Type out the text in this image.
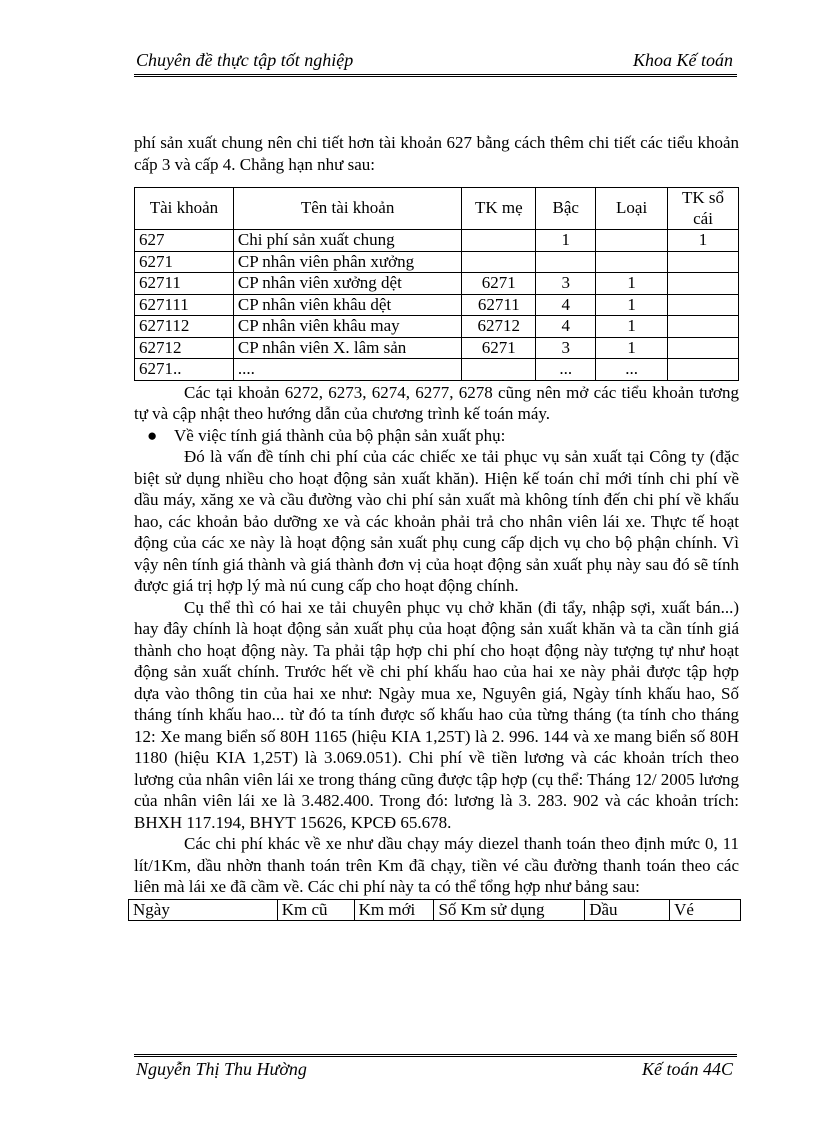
Chuyên đề thực tập tốt nghiệp	Khoa Kế toán

phí sản xuất chung nên chi tiết hơn tài khoản 627 bằng cách thêm chi tiết các tiểu khoản cấp 3 và cấp 4. Chẳng hạn như sau:

Tài khoản	Tên tài khoản	TK mẹ	Bậc	Loại	TK sổ cái
627	Chi phí sản xuất chung		1		1
6271	CP nhân viên phân xưởng				
62711	CP nhân viên xưởng dệt	6271	3	1	
627111	CP nhân viên khâu dệt	62711	4	1	
627112	CP nhân viên khâu may	62712	4	1	
62712	CP nhân viên X. lâm sản	6271	3	1	
6271..	....		...	...	

Các tại khoản 6272, 6273, 6274, 6277, 6278 cũng nên mở các tiểu khoản tương tự và cập nhật theo hướng dẫn của chương trình kế toán máy.

● Về việc tính giá thành của bộ phận sản xuất phụ:

Đó là vấn đề tính chi phí của các chiếc xe tải phục vụ sản xuất tại Công ty (đặc biệt sử dụng nhiều cho hoạt động sản xuất khăn). Hiện kế toán chỉ mới tính chi phí về dầu máy, xăng xe và cầu đường vào chi phí sản xuất mà không tính đến chi phí về khấu hao, các khoản bảo dưỡng xe và các khoản phải trả cho nhân viên lái xe. Thực tế hoạt động của các xe này là hoạt động sản xuất phụ cung cấp dịch vụ cho bộ phận chính. Vì vậy nên tính giá thành và giá thành đơn vị của hoạt động sản xuất phụ này sau đó sẽ tính được giá trị hợp lý mà nú cung cấp cho hoạt động chính.

Cụ thể thì có hai xe tải chuyên phục vụ chở khăn (đi tẩy, nhập sợi, xuất bán...) hay đây chính là hoạt động sản xuất phụ của hoạt động sản xuất khăn và ta cần tính giá thành cho hoạt động này. Ta phải tập hợp chi phí cho hoạt động này tượng tự như hoạt động sản xuất chính. Trước hết về chi phí khấu hao của hai xe này phải được tập hợp dựa vào thông tin của hai xe như: Ngày mua xe, Nguyên giá, Ngày tính khấu hao, Số tháng tính khấu hao... từ đó ta tính được số khấu hao của từng tháng (ta tính cho tháng 12: Xe mang biển số 80H 1165 (hiệu KIA 1,25T) là 2. 996. 144 và xe mang biển số 80H 1180 (hiệu KIA 1,25T) là 3.069.051). Chi phí về tiền lương và các khoản trích theo lương của nhân viên lái xe trong tháng cũng được tập hợp (cụ thể: Tháng 12/ 2005 lương của nhân viên lái xe là 3.482.400. Trong đó: lương là 3. 283. 902 và các khoản trích: BHXH 117.194, BHYT 15626, KPCĐ 65.678.

Các chi phí khác về xe như dầu chạy máy diezel thanh toán theo định mức 0, 11 lít/1Km, dầu nhờn thanh toán trên Km đã chạy, tiền vé cầu đường thanh toán theo các liên mà lái xe đã cầm về. Các chi phí này ta có thể tổng hợp như bảng sau:

Ngày	Km cũ	Km mới	Số Km sử dụng	Dầu	Vé
Nguyễn Thị Thu Hường	Kế toán 44C
